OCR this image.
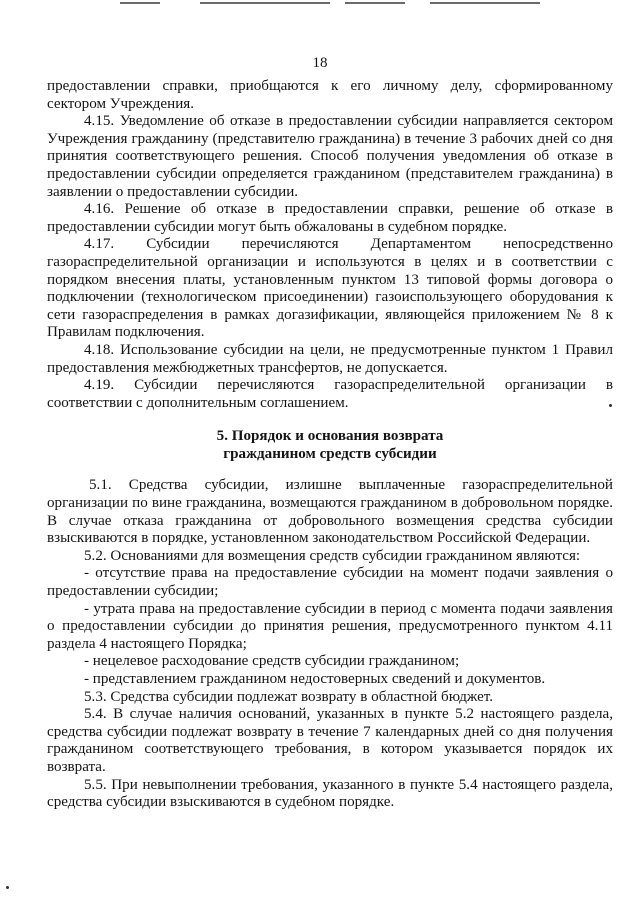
18

предоставлении справки, приобщаются к его личному делу, сформированному сектором Учреждения.

4.15. Уведомление об отказе в предоставлении субсидии направляется сектором Учреждения гражданину (представителю гражданина) в течение 3 рабочих дней со дня принятия соответствующего решения. Способ получения уведомления об отказе в предоставлении субсидии определяется гражданином (представителем гражданина) в заявлении о предоставлении субсидии.

4.16. Решение об отказе в предоставлении справки, решение об отказе в предоставлении субсидии могут быть обжалованы в судебном порядке.

4.17. Субсидии перечисляются Департаментом непосредственно газораспределительной организации и используются в целях и в соответствии с порядком внесения платы, установленным пунктом 13 типовой формы договора о подключении (технологическом присоединении) газоиспользующего оборудования к сети газораспределения в рамках догазификации, являющейся приложением № 8 к Правилам подключения.

4.18. Использование субсидии на цели, не предусмотренные пунктом 1 Правил предоставления межбюджетных трансфертов, не допускается.

4.19. Субсидии перечисляются газораспределительной организации в соответствии с дополнительным соглашением.

5. Порядок и основания возврата
гражданином средств субсидии

5.1. Средства субсидии, излишне выплаченные газораспределительной организации по вине гражданина, возмещаются гражданином в добровольном порядке. В случае отказа гражданина от добровольного возмещения средства субсидии взыскиваются в порядке, установленном законодательством Российской Федерации.

5.2. Основаниями для возмещения средств субсидии гражданином являются:

- отсутствие права на предоставление субсидии на момент подачи заявления о предоставлении субсидии;

- утрата права на предоставление субсидии в период с момента подачи заявления о предоставлении субсидии до принятия решения, предусмотренного пунктом 4.11 раздела 4 настоящего Порядка;

- нецелевое расходование средств субсидии гражданином;

- представлением гражданином недостоверных сведений и документов.

5.3. Средства субсидии подлежат возврату в областной бюджет.

5.4. В случае наличия оснований, указанных в пункте 5.2 настоящего раздела, средства субсидии подлежат возврату в течение 7 календарных дней со дня получения гражданином соответствующего требования, в котором указывается порядок их возврата.

5.5. При невыполнении требования, указанного в пункте 5.4 настоящего раздела, средства субсидии взыскиваются в судебном порядке.
